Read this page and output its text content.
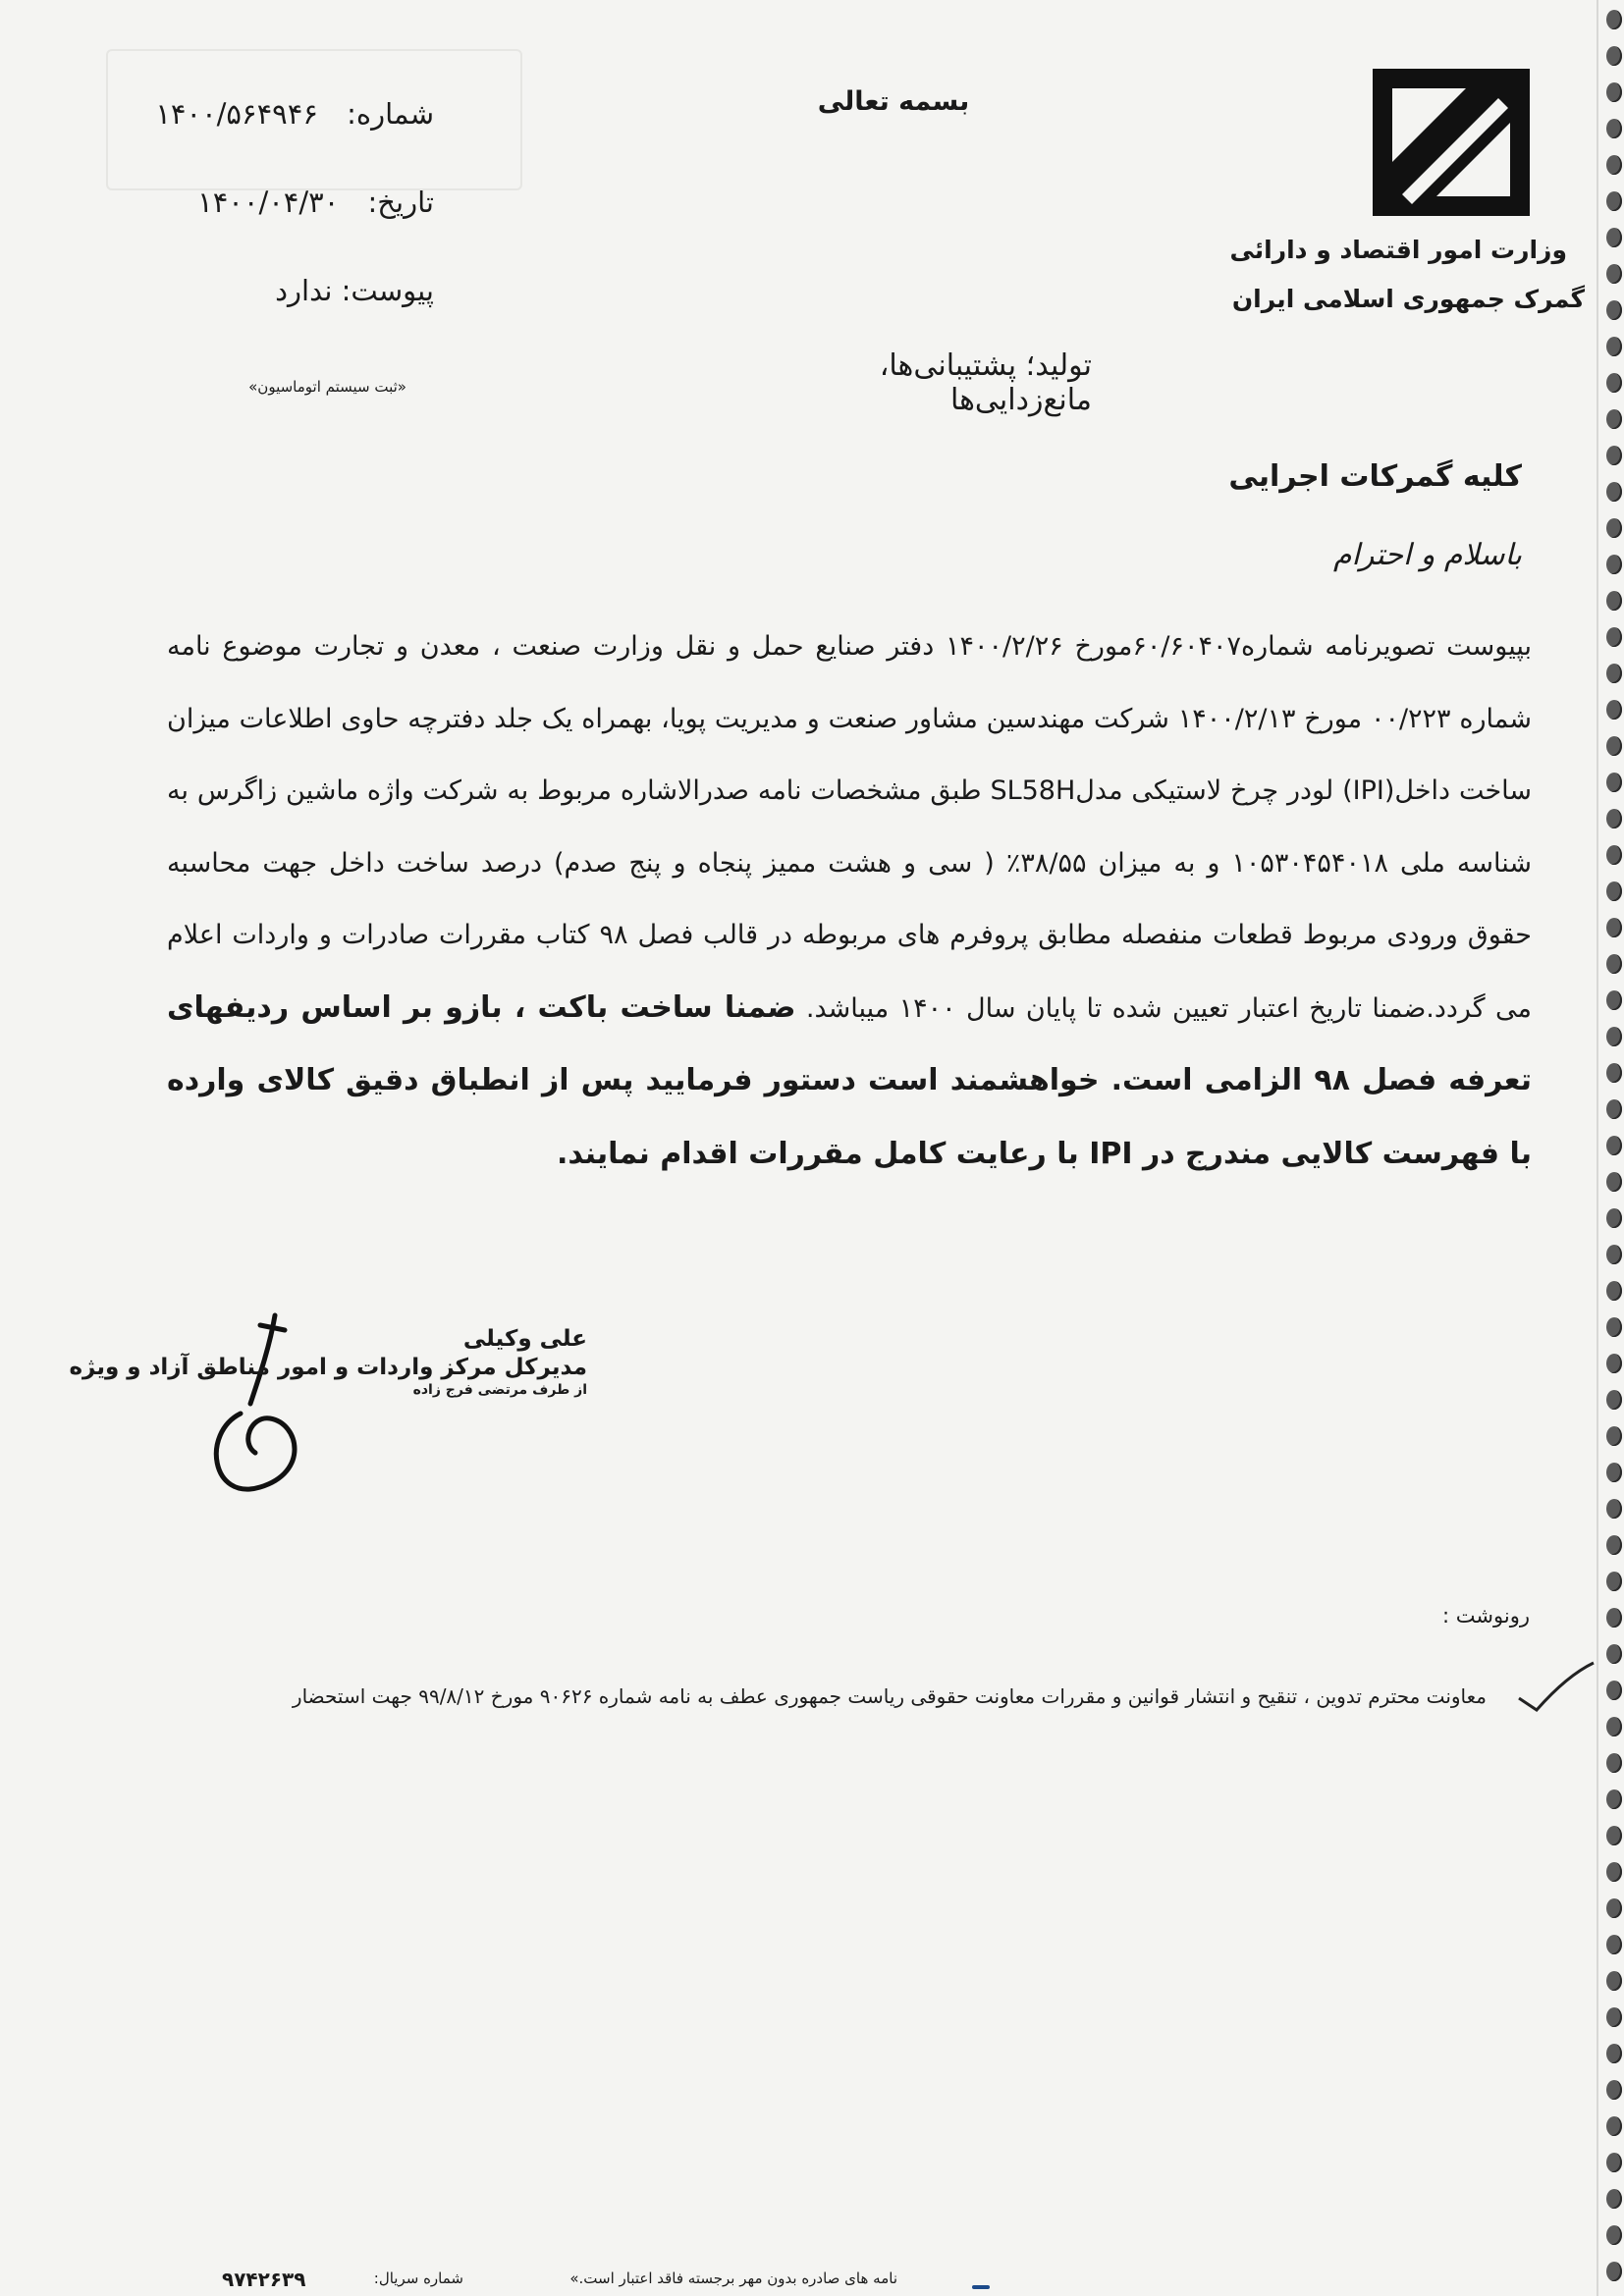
وزارت امور اقتصاد و دارائی
گمرک جمهوری اسلامی ایران
بسمه تعالی
شماره: ۱۴۰۰/۵۶۴۹۴۶
تاریخ: ۱۴۰۰/۰۴/۳۰
پیوست: ندارد
«ثبت سیستم اتوماسیون»
تولید؛ پشتیبانی‌ها، مانع‌زدایی‌ها
کلیه گمرکات اجرایی
باسلام و احترام
بپیوست تصویرنامه شماره۶۰/۶۰۴۰۷مورخ ۱۴۰۰/۲/۲۶ دفتر صنایع حمل و نقل وزارت صنعت ، معدن و تجارت موضوع نامه شماره ۰۰/۲۲۳ مورخ ۱۴۰۰/۲/۱۳ شرکت مهندسین مشاور صنعت و مدیریت پویا، بهمراه یک جلد دفترچه حاوی اطلاعات میزان ساخت داخل(IPI) لودر چرخ لاستیکی مدلSL58H طبق مشخصات نامه صدرالاشاره مربوط به شرکت واژه ماشین زاگرس به شناسه ملی ۱۰۵۳۰۴۵۴۰۱۸ و به میزان ۳۸/۵۵٪ ( سی و هشت ممیز پنجاه و پنج صدم) درصد ساخت داخل جهت محاسبه حقوق ورودی مربوط قطعات منفصله مطابق پروفرم های مربوطه در قالب فصل ۹۸ کتاب مقررات صادرات و واردات اعلام می گردد.ضمنا تاریخ اعتبار تعیین شده تا پایان سال ۱۴۰۰ میباشد. ضمنا ساخت باکت ، بازو بر اساس ردیفهای تعرفه فصل ۹۸ الزامی است. خواهشمند است دستور فرمایید پس از انطباق دقیق کالای وارده با فهرست کالایی مندرج در IPI با رعایت کامل مقررات اقدام نمایند.
علی وکیلی
مدیرکل مرکز واردات و امور مناطق آزاد و ویژه
از طرف مرتضی فرج زاده
رونوشت :
معاونت محترم تدوین ، تنقیح و انتشار قوانین و مقررات معاونت حقوقی ریاست جمهوری عطف به نامه شماره ۹۰۶۲۶ مورخ ۹۹/۸/۱۲ جهت استحضار
نامه های صادره بدون مهر برجسته فاقد اعتبار است.»
شماره سریال:
۹۷۴۲۶۳۹
